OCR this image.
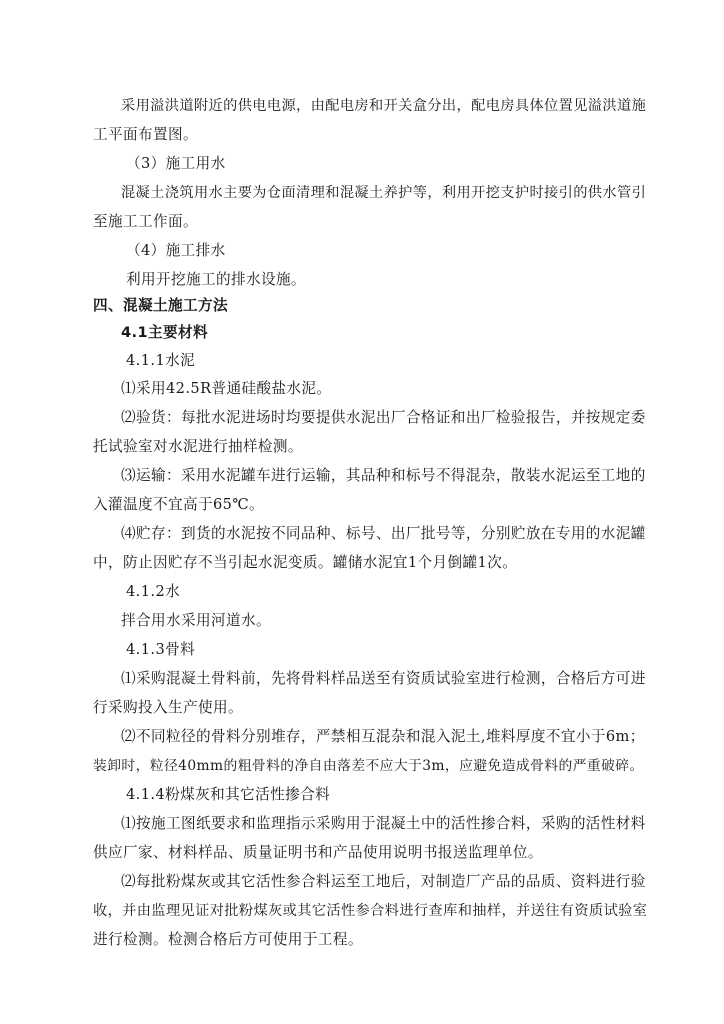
采用溢洪道附近的供电电源，由配电房和开关盒分出，配电房具体位置见溢洪道施
工平面布置图。
（3）施工用水
混凝土浇筑用水主要为仓面清理和混凝土养护等，利用开挖支护时接引的供水管引
至施工工作面。
（4）施工排水
利用开挖施工的排水设施。
四、混凝土施工方法
4.1主要材料
4.1.1水泥
⑴采用42.5R普通硅酸盐水泥。
⑵验货：每批水泥进场时均要提供水泥出厂合格证和出厂检验报告，并按规定委
托试验室对水泥进行抽样检测。
⑶运输：采用水泥罐车进行运输，其品种和标号不得混杂，散装水泥运至工地的
入灌温度不宜高于65℃。
⑷贮存：到货的水泥按不同品种、标号、出厂批号等，分别贮放在专用的水泥罐
中，防止因贮存不当引起水泥变质。罐储水泥宜1个月倒罐1次。
4.1.2水
拌合用水采用河道水。
4.1.3骨料
⑴采购混凝土骨料前，先将骨料样品送至有资质试验室进行检测，合格后方可进
行采购投入生产使用。
⑵不同粒径的骨料分别堆存，严禁相互混杂和混入泥土,堆料厚度不宜小于6m；
装卸时，粒径40mm的粗骨料的净自由落差不应大于3m，应避免造成骨料的严重破碎。
4.1.4粉煤灰和其它活性掺合料
⑴按施工图纸要求和监理指示采购用于混凝土中的活性掺合料，采购的活性材料
供应厂家、材料样品、质量证明书和产品使用说明书报送监理单位。
⑵每批粉煤灰或其它活性参合料运至工地后，对制造厂产品的品质、资料进行验
收，并由监理见证对批粉煤灰或其它活性参合料进行查库和抽样，并送往有资质试验室
进行检测。检测合格后方可使用于工程。
